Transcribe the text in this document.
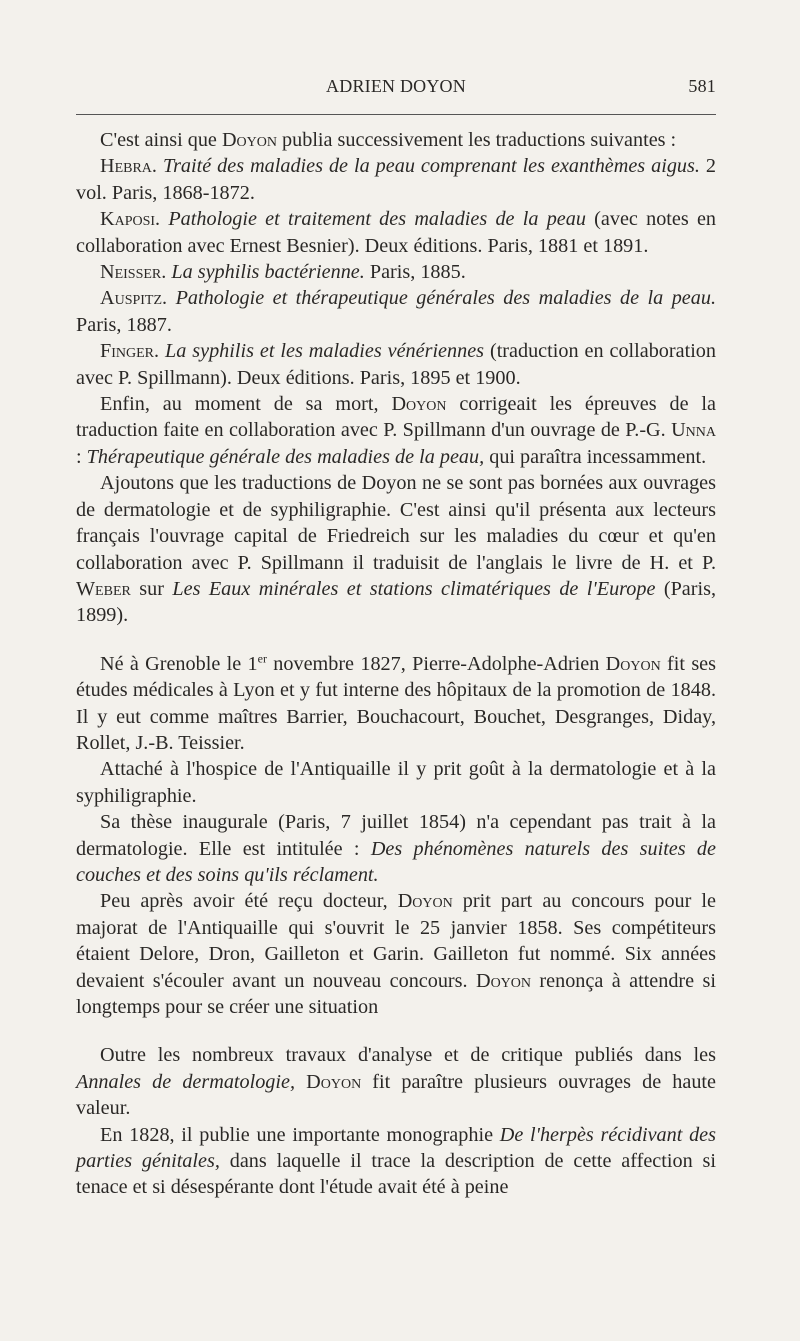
ADRIEN DOYON	581

C'est ainsi que Doyon publia successivement les traductions suivantes :

Hebra. Traité des maladies de la peau comprenant les exanthèmes aigus. 2 vol. Paris, 1868-1872.

Kaposi. Pathologie et traitement des maladies de la peau (avec notes en collaboration avec Ernest Besnier). Deux éditions. Paris, 1881 et 1891.

Neisser. La syphilis bactérienne. Paris, 1885.

Auspitz. Pathologie et thérapeutique générales des maladies de la peau. Paris, 1887.

Finger. La syphilis et les maladies vénériennes (traduction en collaboration avec P. Spillmann). Deux éditions. Paris, 1895 et 1900.

Enfin, au moment de sa mort, Doyon corrigeait les épreuves de la traduction faite en collaboration avec P. Spillmann d'un ouvrage de P.-G. Unna : Thérapeutique générale des maladies de la peau, qui paraîtra incessamment.

Ajoutons que les traductions de Doyon ne se sont pas bornées aux ouvrages de dermatologie et de syphiligraphie. C'est ainsi qu'il présenta aux lecteurs français l'ouvrage capital de Friedreich sur les maladies du cœur et qu'en collaboration avec P. Spillmann il traduisit de l'anglais le livre de H. et P. Weber sur Les Eaux minérales et stations climatériques de l'Europe (Paris, 1899).

Né à Grenoble le 1er novembre 1827, Pierre-Adolphe-Adrien Doyon fit ses études médicales à Lyon et y fut interne des hôpitaux de la promotion de 1848. Il y eut comme maîtres Barrier, Bouchacourt, Bouchet, Desgranges, Diday, Rollet, J.-B. Teissier.

Attaché à l'hospice de l'Antiquaille il y prit goût à la dermatologie et à la syphiligraphie.

Sa thèse inaugurale (Paris, 7 juillet 1854) n'a cependant pas trait à la dermatologie. Elle est intitulée : Des phénomènes naturels des suites de couches et des soins qu'ils réclament.

Peu après avoir été reçu docteur, Doyon prit part au concours pour le majorat de l'Antiquaille qui s'ouvrit le 25 janvier 1858. Ses compétiteurs étaient Delore, Dron, Gailleton et Garin. Gailleton fut nommé. Six années devaient s'écouler avant un nouveau concours. Doyon renonça à attendre si longtemps pour se créer une situation

Outre les nombreux travaux d'analyse et de critique publiés dans les Annales de dermatologie, Doyon fit paraître plusieurs ouvrages de haute valeur.

En 1828, il publie une importante monographie De l'herpès récidivant des parties génitales, dans laquelle il trace la description de cette affection si tenace et si désespérante dont l'étude avait été à peine
